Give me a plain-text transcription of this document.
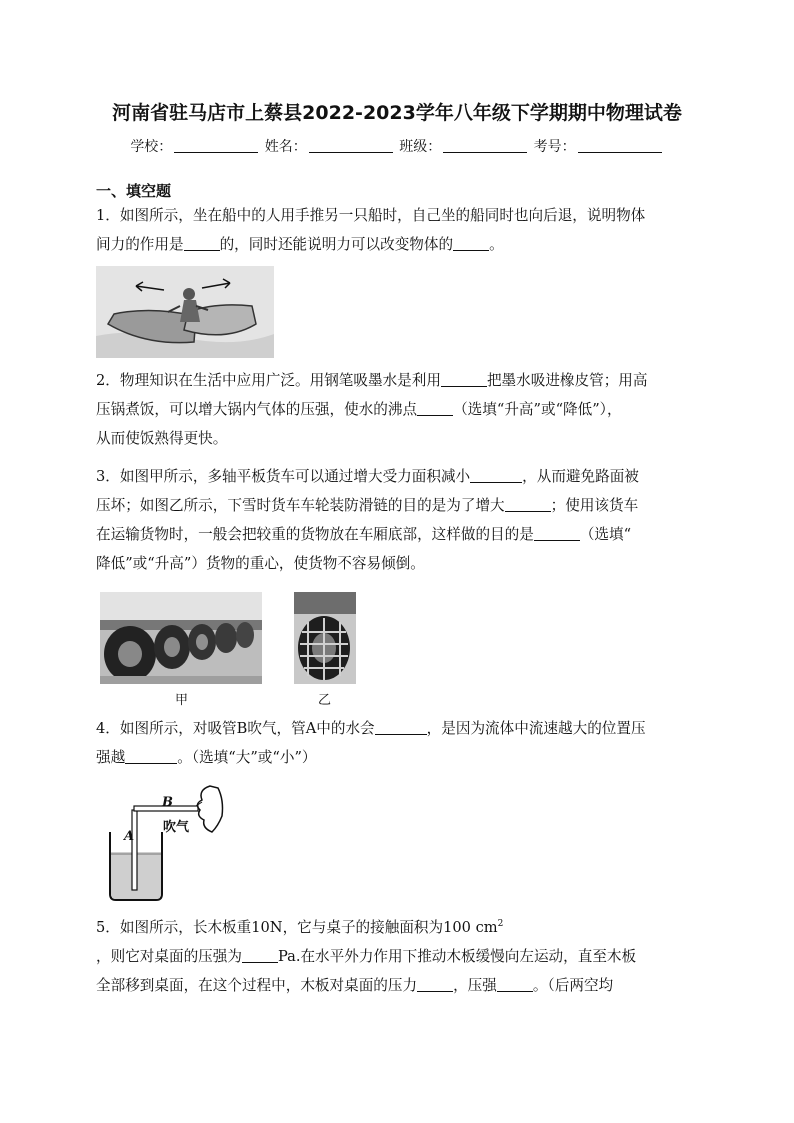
河南省驻马店市上蔡县2022-2023学年八年级下学期期中物理试卷
学校：	姓名：	班级：	考号：
一、填空题
1．如图所示，坐在船中的人用手推另一只船时，自己坐的船同时也向后退，说明物体
间力的作用是 的，同时还能说明力可以改变物体的 。
2．物理知识在生活中应用广泛。用钢笔吸墨水是利用	把墨水吸进橡皮管；用高
压锅煮饭，可以增大锅内气体的压强，使水的沸点 （选填“升高”或“降低”），
从而使饭熟得更快。
3．如图甲所示，多轴平板货车可以通过增大受力面积减小	，从而避免路面被
压坏；如图乙所示，下雪时货车车轮装防滑链的目的是为了增大	；使用该货车
在运输货物时，一般会把较重的货物放在车厢底部，这样做的目的是	（选填“
降低”或“升高”）货物的重心，使货物不容易倾倒。
甲	乙
4．如图所示，对吸管B吹气，管A中的水会	，是因为流体中流速越大的位置压
强越	。（选填“大”或“小”）
B
A
吹气
5．如图所示，长木板重10N，它与桌子的接触面积为100 $cm^2$
，则它对桌面的压强为 Pa.在水平外力作用下推动木板缓慢向左运动，直至木板
全部移到桌面，在这个过程中，木板对桌面的压力 ，压强 。（后两空均
